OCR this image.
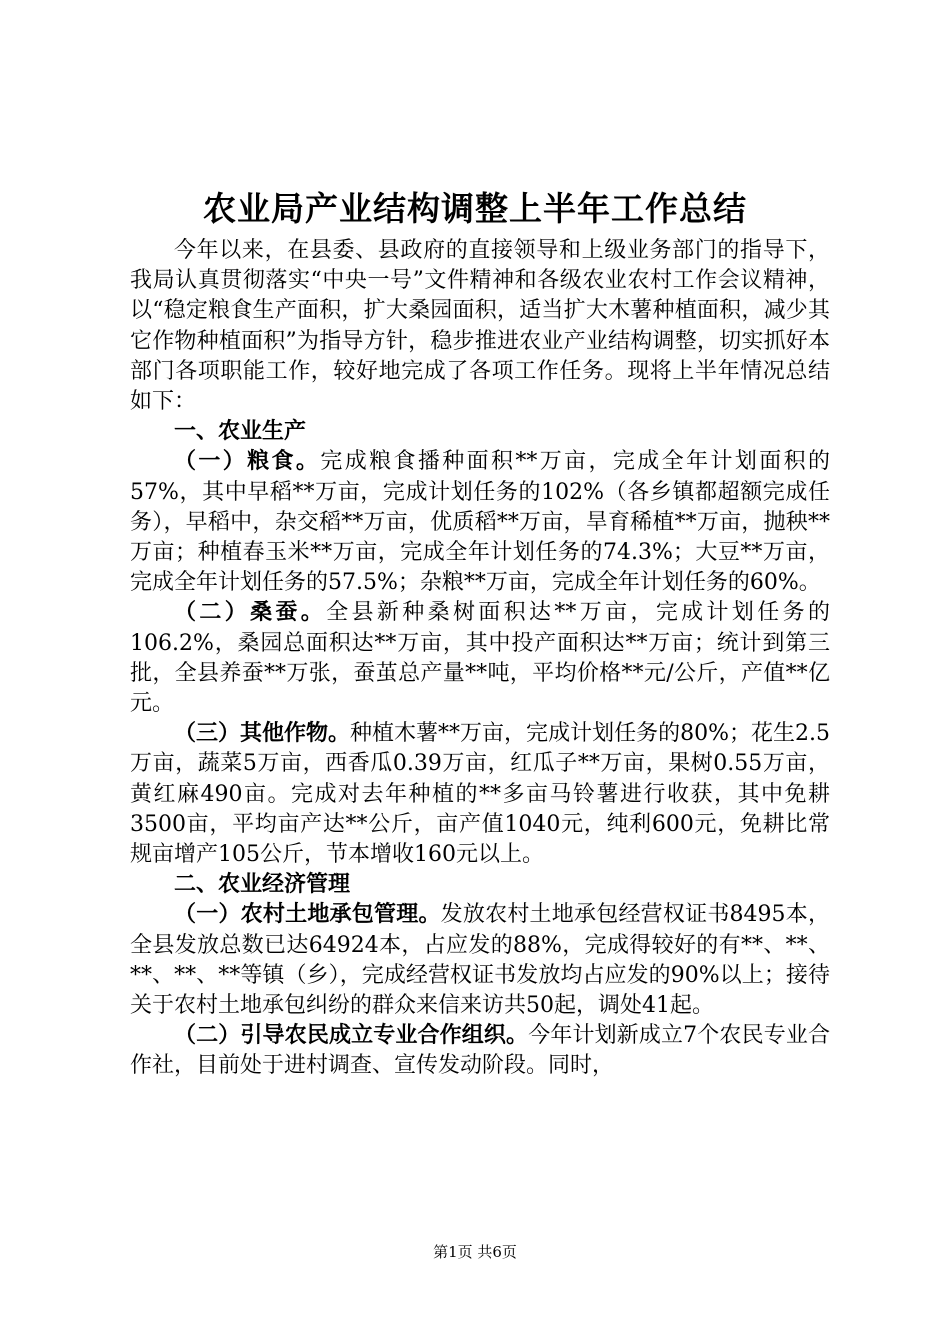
农业局产业结构调整上半年工作总结

今年以来，在县委、县政府的直接领导和上级业务部门的指导下，我局认真贯彻落实“中央一号”文件精神和各级农业农村工作会议精神，以“稳定粮食生产面积，扩大桑园面积，适当扩大木薯种植面积，减少其它作物种植面积”为指导方针，稳步推进农业产业结构调整，切实抓好本部门各项职能工作，较好地完成了各项工作任务。现将上半年情况总结如下：

一、农业生产

（一）粮食。完成粮食播种面积**万亩，完成全年计划面积的57%，其中早稻**万亩，完成计划任务的102%（各乡镇都超额完成任务），早稻中，杂交稻**万亩，优质稻**万亩，旱育稀植**万亩，抛秧**万亩；种植春玉米**万亩，完成全年计划任务的74.3%；大豆**万亩，完成全年计划任务的57.5%；杂粮**万亩，完成全年计划任务的60%。

（二）桑蚕。全县新种桑树面积达**万亩，完成计划任务的106.2%，桑园总面积达**万亩，其中投产面积达**万亩；统计到第三批，全县养蚕**万张，蚕茧总产量**吨，平均价格**元/公斤，产值**亿元。

（三）其他作物。种植木薯**万亩，完成计划任务的80%；花生2.5万亩，蔬菜5万亩，西香瓜0.39万亩，红瓜子**万亩，果树0.55万亩，黄红麻490亩。完成对去年种植的**多亩马铃薯进行收获，其中免耕3500亩，平均亩产达**公斤，亩产值1040元，纯利600元，免耕比常规亩增产105公斤，节本增收160元以上。

二、农业经济管理

（一）农村土地承包管理。发放农村土地承包经营权证书8495本，全县发放总数已达64924本，占应发的88%，完成得较好的有**、**、**、**、**等镇（乡），完成经营权证书发放均占应发的90%以上；接待关于农村土地承包纠纷的群众来信来访共50起，调处41起。

（二）引导农民成立专业合作组织。今年计划新成立7个农民专业合作社，目前处于进村调查、宣传发动阶段。同时，

第1页 共6页
